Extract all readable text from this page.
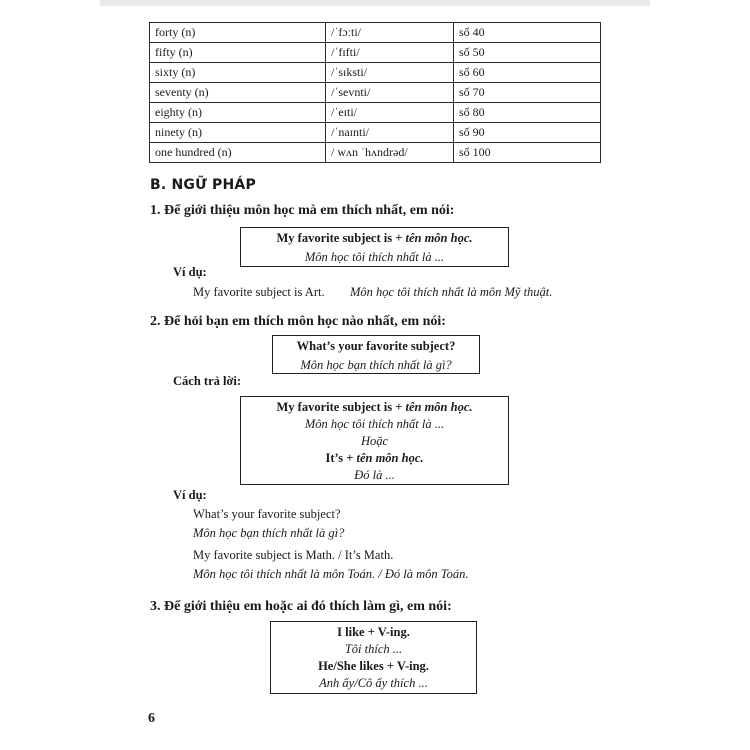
forty (n)	/ˈfɔːti/	số 40
fifty (n)	/ˈfɪfti/	số 50
sixty (n)	/ˈsɪksti/	số 60
seventy (n)	/ˈsevnti/	số 70
eighty (n)	/ˈeɪti/	số 80
ninety (n)	/ˈnaɪnti/	số 90
one hundred (n)	/ wʌn ˈhʌndrəd/	số 100
B. NGỮ PHÁP
1. Để giới thiệu môn học mà em thích nhất, em nói:
My favorite subject is + tên môn học.
Môn học tôi thích nhất là ...
Ví dụ:
My favorite subject is Art. Môn học tôi thích nhất là môn Mỹ thuật.
2. Để hỏi bạn em thích môn học nào nhất, em nói:
What’s your favorite subject?
Môn học bạn thích nhất là gì?
Cách trả lời:
My favorite subject is + tên môn học.
Môn học tôi thích nhất là ...
Hoặc
It’s + tên môn học.
Đó là ...
Ví dụ:
What’s your favorite subject?
Môn học bạn thích nhất là gì?
My favorite subject is Math. / It’s Math.
Môn học tôi thích nhất là môn Toán. / Đó là môn Toán.
3. Để giới thiệu em hoặc ai đó thích làm gì, em nói:
I like + V-ing.
Tôi thích ...
He/She likes + V-ing.
Anh ấy/Cô ấy thích ...
6
